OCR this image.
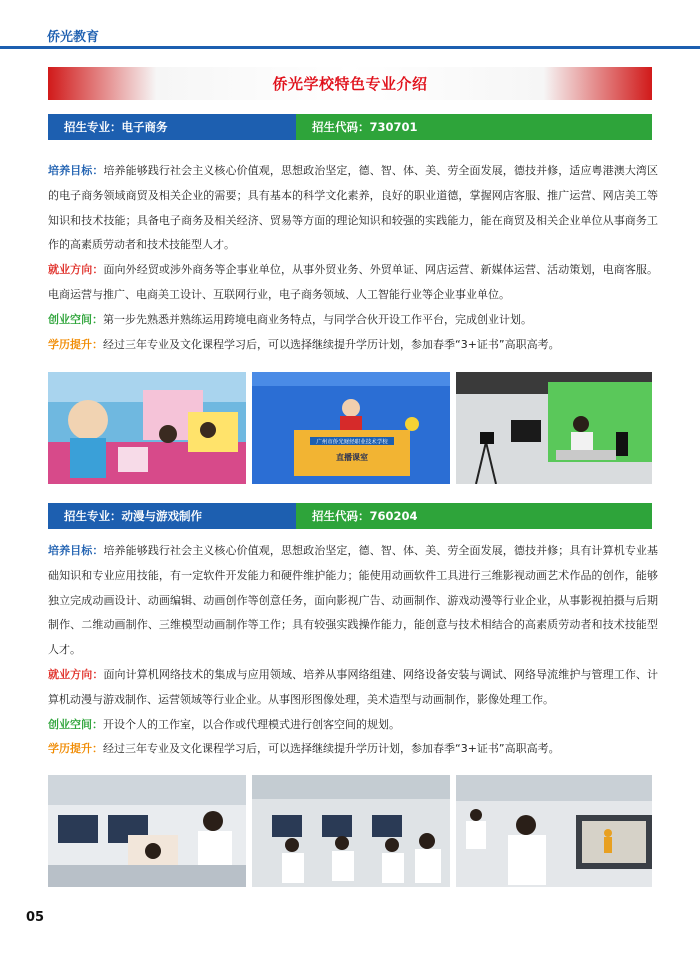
侨光教育
侨光学校特色专业介绍
招生专业：电子商务	招生代码：730701
培养目标：培养能够践行社会主义核心价值观，思想政治坚定，德、智、体、美、劳全面发展，德技并修，适应粤港澳大湾区的电子商务领域商贸及相关企业的需要；具有基本的科学文化素养，良好的职业道德，掌握网店客服、推广运营、网店美工等知识和技术技能；具备电子商务及相关经济、贸易等方面的理论知识和较强的实践能力，能在商贸及相关企业单位从事商务工作的高素质劳动者和技术技能型人才。
就业方向：面向外经贸或涉外商务等企事业单位，从事外贸业务、外贸单证、网店运营、新媒体运营、活动策划，电商客服。电商运营与推广、电商美工设计、互联网行业，电子商务领域、人工智能行业等企业事业单位。
创业空间：第一步先熟悉并熟练运用跨境电商业务特点，与同学合伙开设工作平台，完成创业计划。
学历提升：经过三年专业及文化课程学习后，可以选择继续提升学历计划，参加春季“3+证书”高职高考。
广州市侨光财经职业技术学校
直播课室
招生专业：动漫与游戏制作	招生代码：760204
培养目标：培养能够践行社会主义核心价值观，思想政治坚定，德、智、体、美、劳全面发展，德技并修；具有计算机专业基础知识和专业应用技能，有一定软件开发能力和硬件维护能力；能使用动画软件工具进行三维影视动画艺术作品的创作，能够独立完成动画设计、动画编辑、动画创作等创意任务，面向影视广告、动画制作、游戏动漫等行业企业，从事影视拍摄与后期制作、二维动画制作、三维模型动画制作等工作；具有较强实践操作能力，能创意与技术相结合的高素质劳动者和技术技能型人才。
就业方向：面向计算机网络技术的集成与应用领域、培养从事网络组建、网络设备安装与调试、网络导流维护与管理工作、计算机动漫与游戏制作、运营领域等行业企业。从事图形图像处理，美术造型与动画制作，影像处理工作。
创业空间：开设个人的工作室，以合作或代理模式进行创客空间的规划。
学历提升：经过三年专业及文化课程学习后，可以选择继续提升学历计划，参加春季“3+证书”高职高考。
05
